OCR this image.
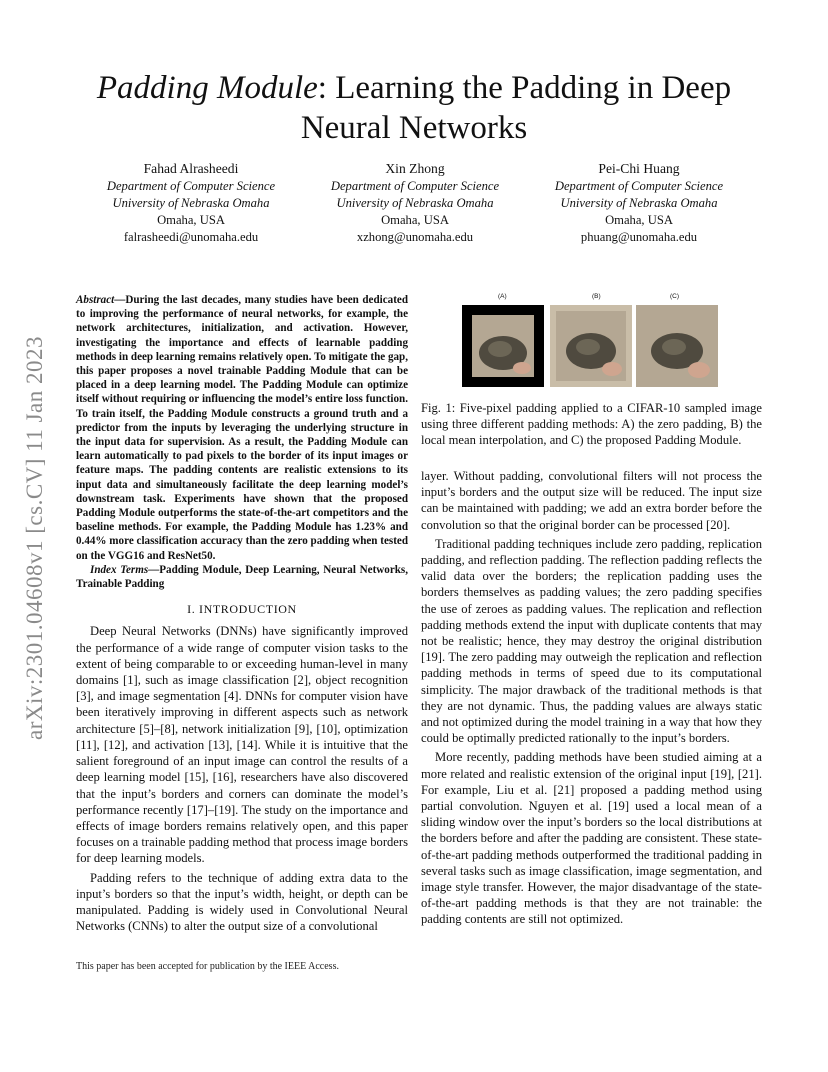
arXiv:2301.04608v1 [cs.CV] 11 Jan 2023
Padding Module: Learning the Padding in Deep Neural Networks
Fahad Alrasheedi
Department of Computer Science
University of Nebraska Omaha
Omaha, USA
falrasheedi@unomaha.edu
Xin Zhong
Department of Computer Science
University of Nebraska Omaha
Omaha, USA
xzhong@unomaha.edu
Pei-Chi Huang
Department of Computer Science
University of Nebraska Omaha
Omaha, USA
phuang@unomaha.edu
Abstract—During the last decades, many studies have been dedicated to improving the performance of neural networks, for example, the network architectures, initialization, and activation. However, investigating the importance and effects of learnable padding methods in deep learning remains relatively open. To mitigate the gap, this paper proposes a novel trainable Padding Module that can be placed in a deep learning model. The Padding Module can optimize itself without requiring or influencing the model’s entire loss function. To train itself, the Padding Module constructs a ground truth and a predictor from the inputs by leveraging the underlying structure in the input data for supervision. As a result, the Padding Module can learn automatically to pad pixels to the border of its input images or feature maps. The padding contents are realistic extensions to its input data and simultaneously facilitate the deep learning model’s downstream task. Experiments have shown that the proposed Padding Module outperforms the state-of-the-art competitors and the baseline methods. For example, the Padding Module has 1.23% and 0.44% more classification accuracy than the zero padding when tested on the VGG16 and ResNet50.
Index Terms—Padding Module, Deep Learning, Neural Networks, Trainable Padding
I. INTRODUCTION

Deep Neural Networks (DNNs) have significantly improved the performance of a wide range of computer vision tasks to the extent of being comparable to or exceeding human-level in many domains [1], such as image classification [2], object recognition [3], and image segmentation [4]. DNNs for computer vision have been iteratively improving in different aspects such as network architecture [5]–[8], network initialization [9], [10], optimization [11], [12], and activation [13], [14]. While it is intuitive that the salient foreground of an input image can control the results of a deep learning model [15], [16], researchers have also discovered that the input’s borders and corners can dominate the model’s performance recently [17]–[19]. The study on the importance and effects of image borders remains relatively open, and this paper focuses on a trainable padding method that process image borders for deep learning models.

Padding refers to the technique of adding extra data to the input’s borders so that the input’s width, height, or depth can be manipulated. Padding is widely used in Convolutional Neural Networks (CNNs) to alter the output size of a convolutional

(A)	(B)	(C)
Fig. 1: Five-pixel padding applied to a CIFAR-10 sampled image using three different padding methods: A) the zero padding, B) the local mean interpolation, and C) the proposed Padding Module.

layer. Without padding, convolutional filters will not process the input’s borders and the output size will be reduced. The input size can be maintained with padding; we add an extra border before the convolution so that the original border can be processed [20].

Traditional padding techniques include zero padding, replication padding, and reflection padding. The reflection padding reflects the valid data over the borders; the replication padding uses the borders themselves as padding values; the zero padding specifies the use of zeroes as padding values. The replication and reflection padding methods extend the input with duplicate contents that may not be realistic; hence, they may destroy the original distribution [19]. The zero padding may outweigh the replication and reflection padding methods in terms of speed due to its computational simplicity. The major drawback of the traditional methods is that they are not dynamic. Thus, the padding values are always static and not optimized during the model training in a way that how they could be optimally predicted rationally to the input’s borders.

More recently, padding methods have been studied aiming at a more related and realistic extension of the original input [19], [21]. For example, Liu et al. [21] proposed a padding method using partial convolution. Nguyen et al. [19] used a local mean of a sliding window over the input’s borders so the local distributions at the borders before and after the padding are consistent. These state-of-the-art padding methods outperformed the traditional padding in several tasks such as image classification, image segmentation, and image style transfer. However, the major disadvantage of the state-of-the-art padding methods is that they are not trainable: the padding contents are still not optimized.

This paper has been accepted for publication by the IEEE Access.
